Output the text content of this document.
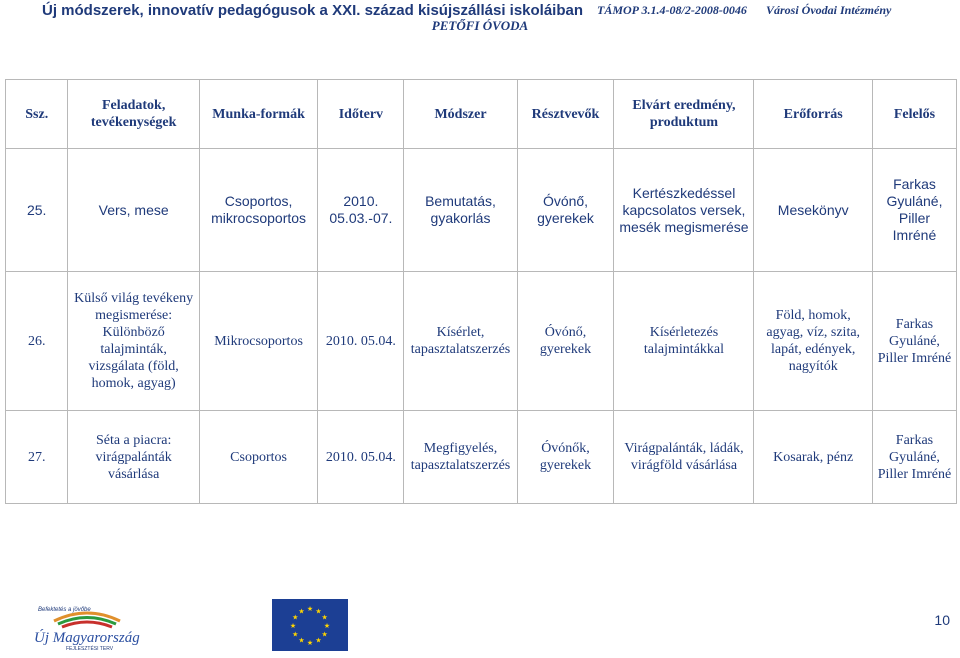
Új módszerek, innovatív pedagógusok a XXI. század kisújszállási iskoláiban TÁMOP 3.1.4-08/2-2008-0046 Városi Óvodai Intézmény
PETŐFI ÓVODA
Ssz.	Feladatok, tevékenységek	Munka-formák	Időterv	Módszer	Résztvevők	Elvárt eredmény, produktum	Erőforrás	Felelős
25.	Vers, mese	Csoportos, mikrocsoportos	2010. 05.03.-07.	Bemutatás, gyakorlás	Óvónő, gyerekek	Kertészkedéssel kapcsolatos versek, mesék megismerése	Mesekönyv	Farkas Gyuláné, Piller Imréné
26.	Külső világ tevékeny megismerése: Különböző talajminták, vizsgálata (föld, homok, agyag)	Mikrocsoportos	2010. 05.04.	Kísérlet, tapasztalatszerzés	Óvónő, gyerekek	Kísérletezés talajmintákkal	Föld, homok, agyag, víz, szita, lapát, edények, nagyítók	Farkas Gyuláné, Piller Imréné
27.	Séta a piacra: virágpalánták vásárlása	Csoportos	2010. 05.04.	Megfigyelés, tapasztalatszerzés	Óvónők, gyerekek	Virágpalánták, ládák, virágföld vásárlása	Kosarak, pénz	Farkas Gyuláné, Piller Imréné
Befektetés a jövőbe
Új Magyarország
FEJLESZTÉSI TERV
★ ★
★
★
★
★
★
★
★
★
★
★
10
